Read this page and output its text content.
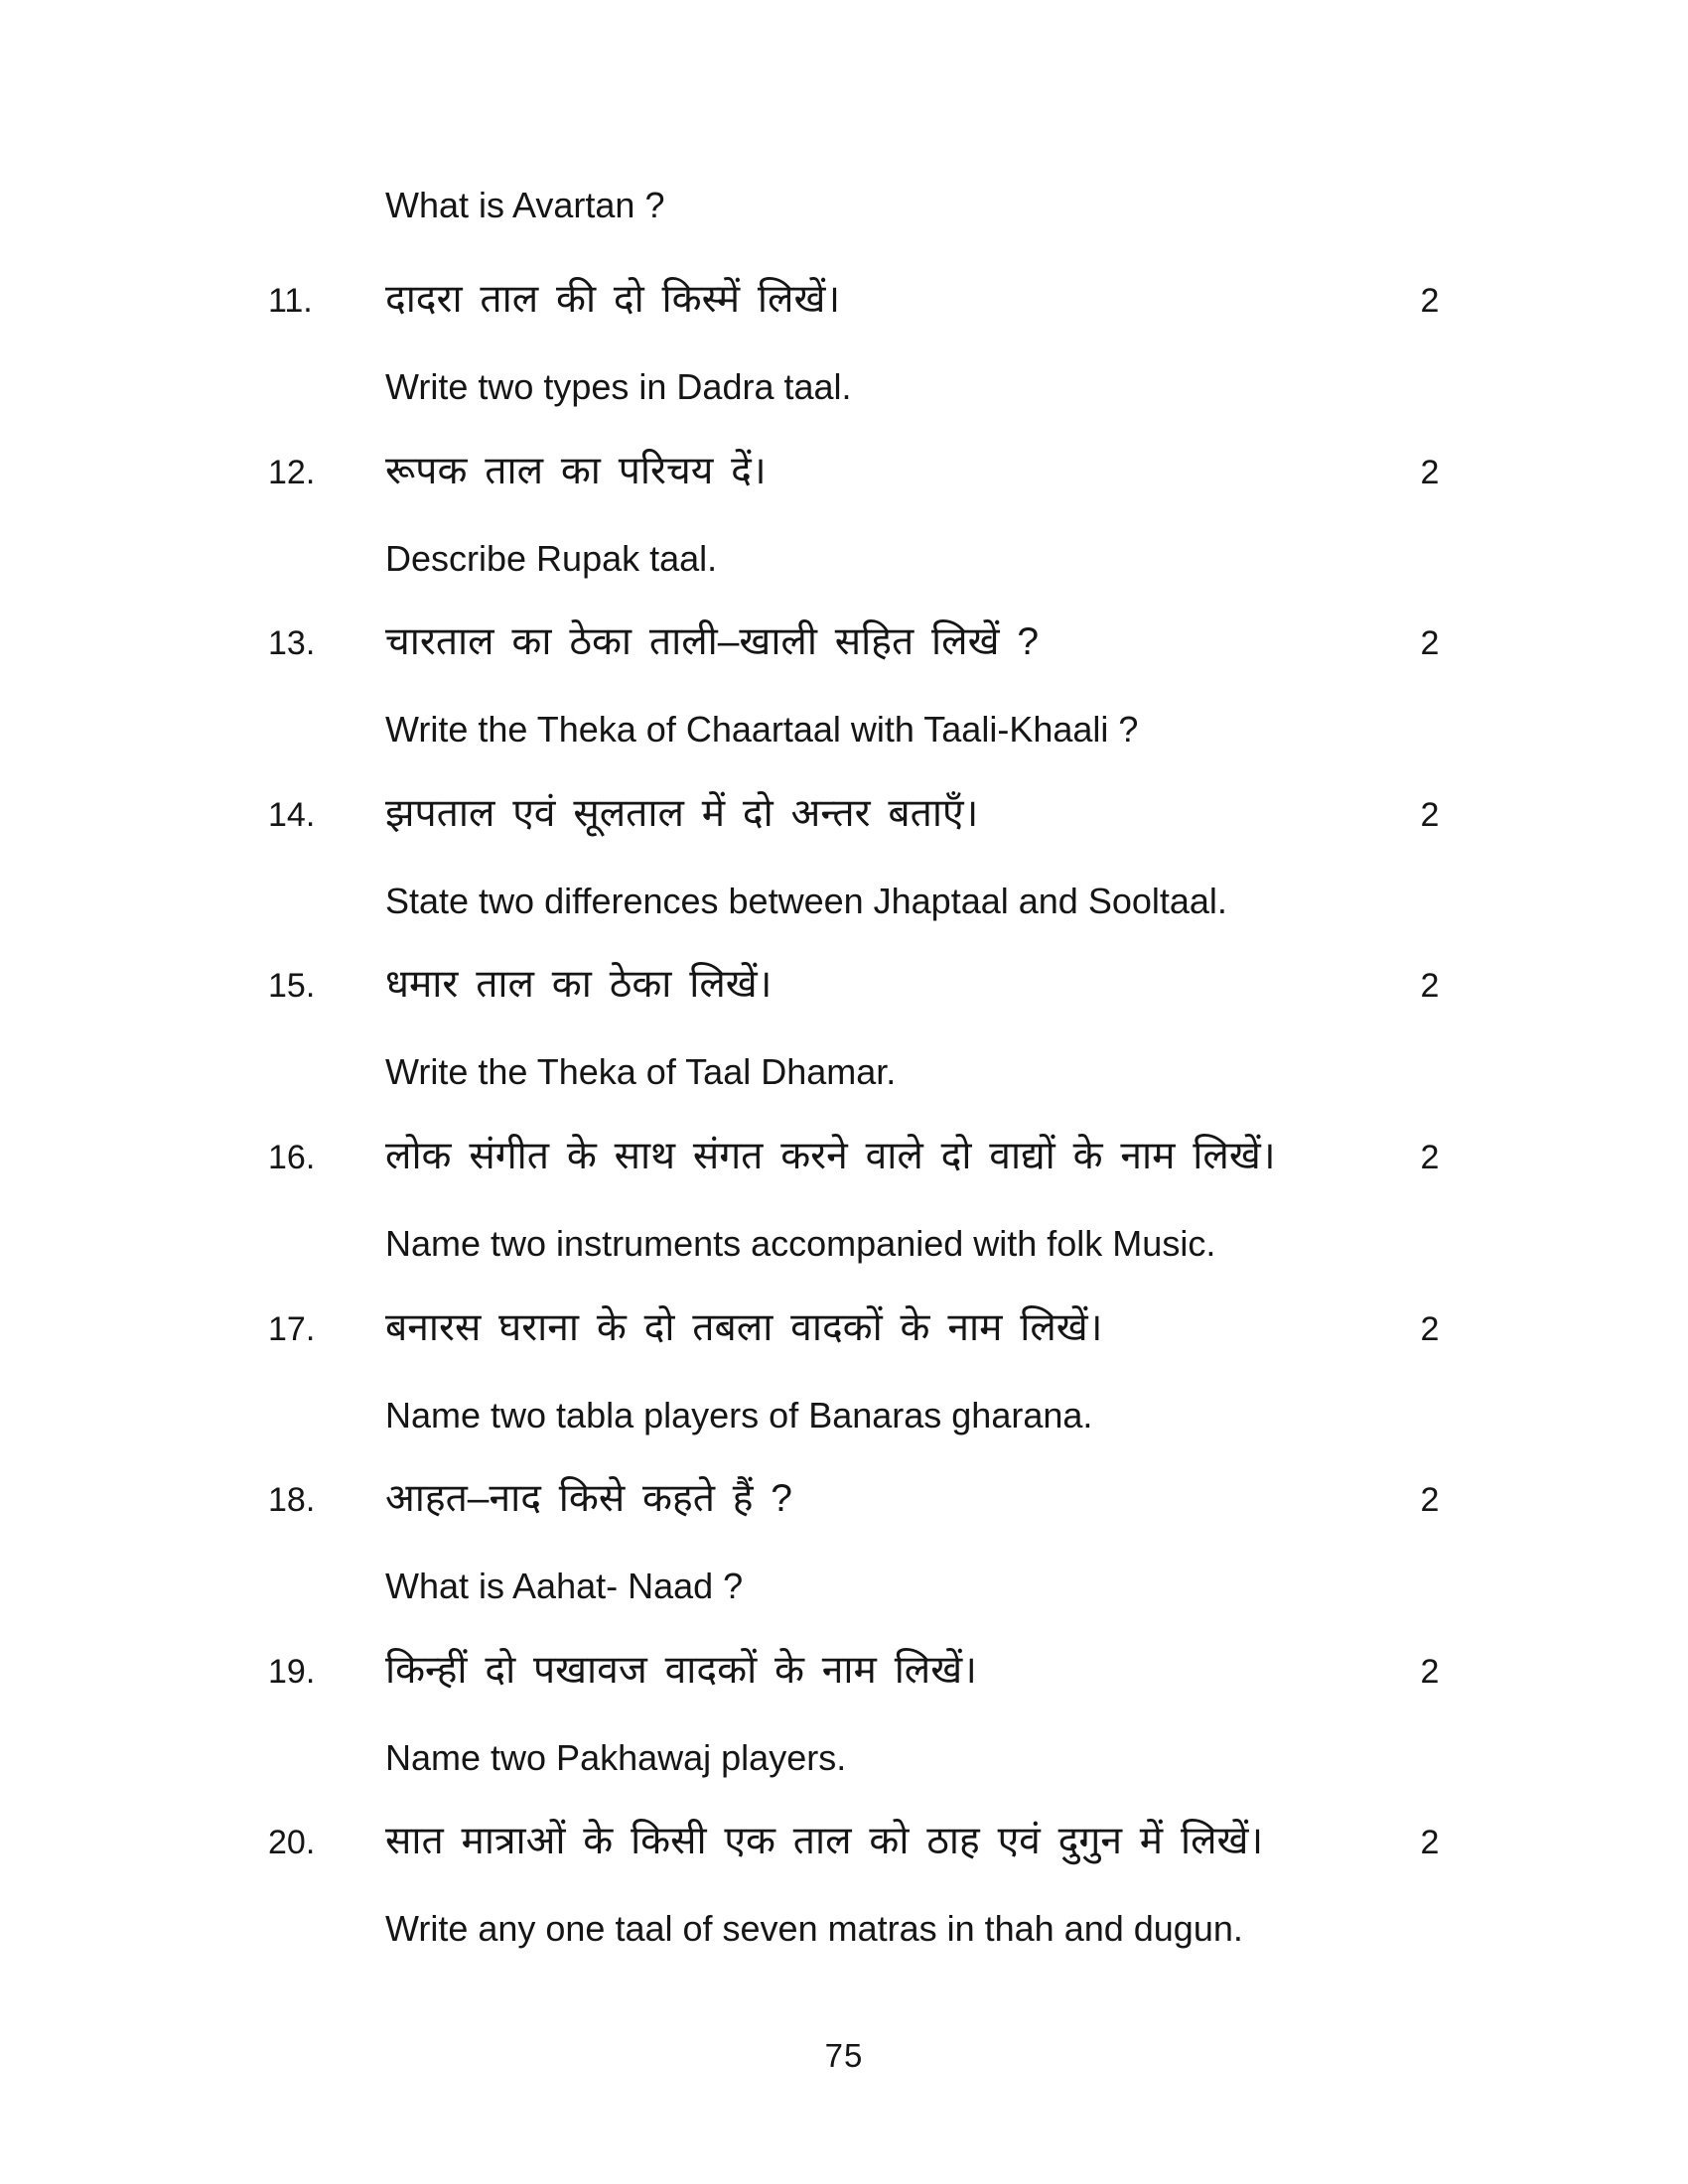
What is Avartan ?
11. दादरा ताल की दो किस्में लिखें।	2
Write two types in Dadra taal.
12. रूपक ताल का परिचय दें।	2
Describe Rupak taal.
13. चारताल का ठेका ताली–खाली सहित लिखें ?	2
Write the Theka of Chaartaal with Taali-Khaali ?
14. झपताल एवं सूलताल में दो अन्तर बताएँ।	2
State two differences between Jhaptaal and Sooltaal.
15. धमार ताल का ठेका लिखें।	2
Write the Theka of Taal Dhamar.
16. लोक संगीत के साथ संगत करने वाले दो वाद्यों के नाम लिखें।	2
Name two instruments accompanied with folk Music.
17. बनारस घराना के दो तबला वादकों के नाम लिखें।	2
Name two tabla players of Banaras gharana.
18. आहत–नाद किसे कहते हैं ?	2
What is Aahat- Naad ?
19. किन्हीं दो पखावज वादकों के नाम लिखें।	2
Name two Pakhawaj players.
20. सात मात्राओं के किसी एक ताल को ठाह एवं दुगुन में लिखें।	2
Write any one taal of seven matras in thah and dugun.
75
